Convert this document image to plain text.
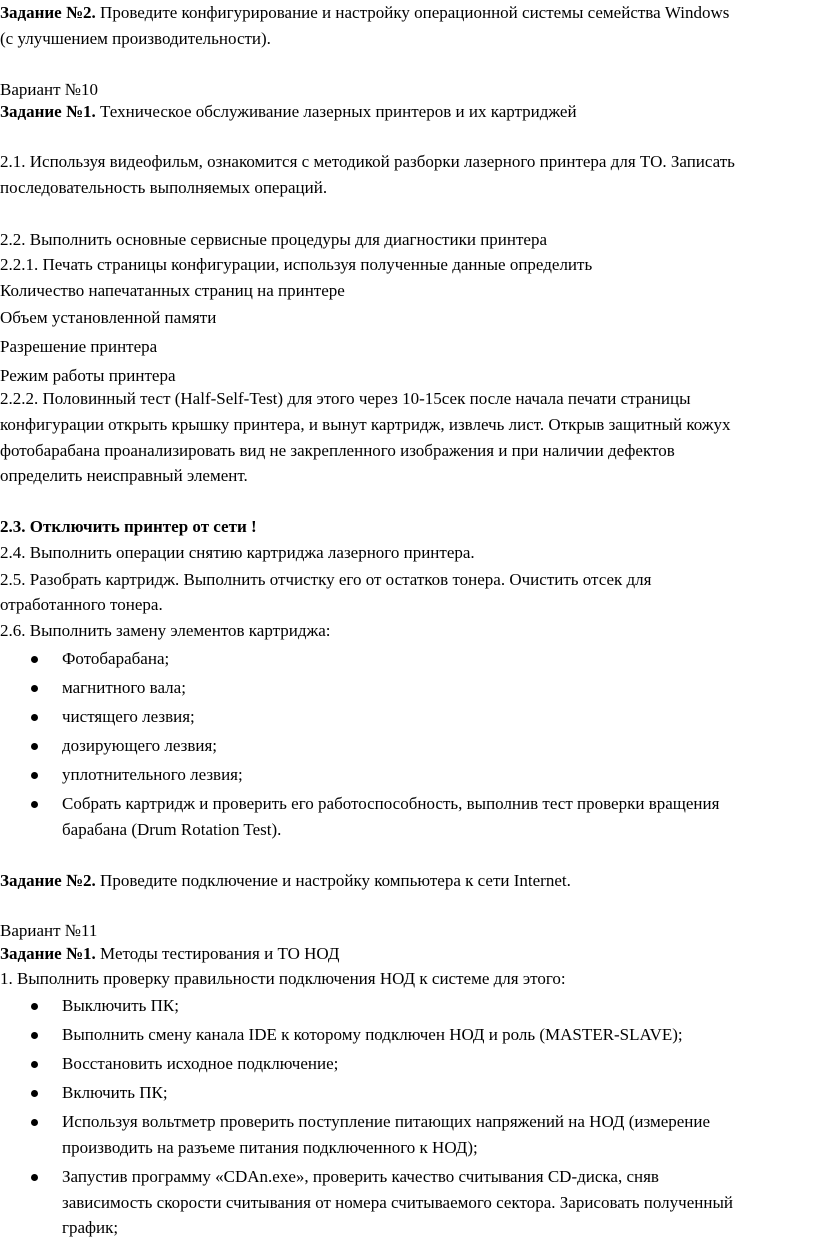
Задание №2. Проведите конфигурирование и настройку операционной системы семейства Windows
(с улучшением производительности).
Вариант №10
Задание №1. Техническое обслуживание лазерных принтеров и их картриджей
2.1. Используя видеофильм, ознакомится с методикой разборки лазерного принтера для ТО. Записать
последовательность выполняемых операций.
2.2. Выполнить основные сервисные процедуры для диагностики принтера
2.2.1. Печать страницы конфигурации, используя полученные данные определить
Количество напечатанных страниц на принтере
Объем установленной памяти
Разрешение принтера
Режим работы принтера
2.2.2. Половинный тест (Half-Self-Test) для этого через 10-15сек после начала печати страницы
конфигурации открыть крышку принтера, и вынут картридж, извлечь лист. Открыв защитный кожух
фотобарабана проанализировать вид не закрепленного изображения и при наличии дефектов
определить неисправный элемент.
2.3. Отключить принтер от сети !
2.4. Выполнить операции снятию картриджа лазерного принтера.
2.5. Разобрать картридж. Выполнить отчистку его от остатков тонера. Очистить отсек для
отработанного тонера.
2.6. Выполнить замену элементов картриджа:
Фотобарабана;
магнитного вала;
чистящего лезвия;
дозирующего лезвия;
уплотнительного лезвия;
Собрать картридж и проверить его работоспособность, выполнив тест проверки вращения
барабана (Drum Rotation Test).
Задание №2. Проведите подключение и настройку компьютера к сети Internet.
Вариант №11
Задание №1. Методы тестирования и ТО НОД
1. Выполнить проверку правильности подключения НОД к системе для этого:
Выключить ПК;
Выполнить смену канала IDE к которому подключен НОД и роль (MASTER-SLAVE);
Восстановить исходное подключение;
Включить ПК;
Используя вольтметр проверить поступление питающих напряжений на НОД (измерение
производить на разъеме питания подключенного к НОД);
Запустив программу «CDAn.exe», проверить качество считывания CD-диска, сняв
зависимость скорости считывания от номера считываемого сектора. Зарисовать полученный
график;
